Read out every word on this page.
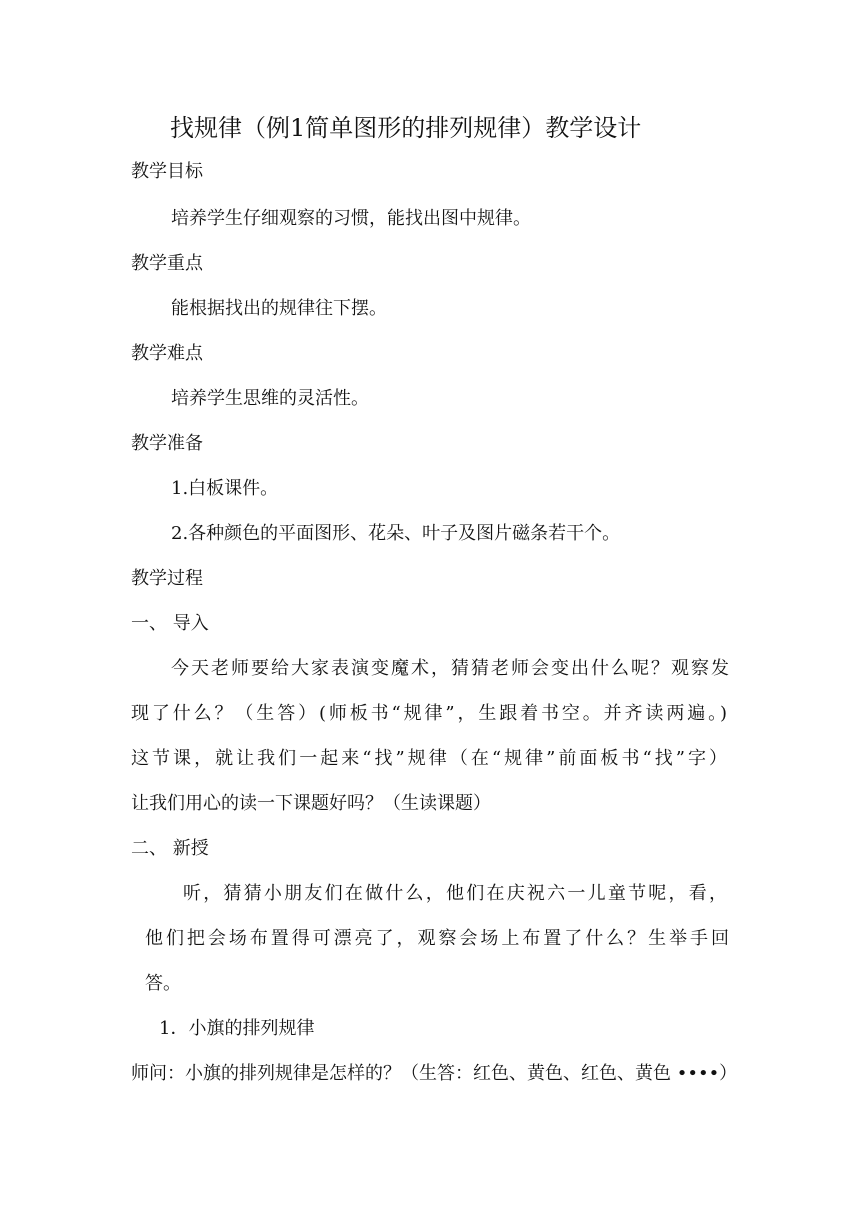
找规律（例1简单图形的排列规律）教学设计
教学目标
培养学生仔细观察的习惯，能找出图中规律。
教学重点
能根据找出的规律往下摆。
教学难点
培养学生思维的灵活性。
教学准备
1.白板课件。
2.各种颜色的平面图形、花朵、叶子及图片磁条若干个。
教学过程
一、 导入
今天老师要给大家表演变魔术，猜猜老师会变出什么呢？观察发
现了什么？（生答）(师板书“规律”，生跟着书空。并齐读两遍。)
这节课，就让我们一起来“找”规律（在“规律”前面板书“找”字）
让我们用心的读一下课题好吗？（生读课题）
二、 新授
听，猜猜小朋友们在做什么，他们在庆祝六一儿童节呢，看，
他们把会场布置得可漂亮了，观察会场上布置了什么？生举手回
答。
1．小旗的排列规律
师问：小旗的排列规律是怎样的？（生答：红色、黄色、红色、黄色 ••••）
